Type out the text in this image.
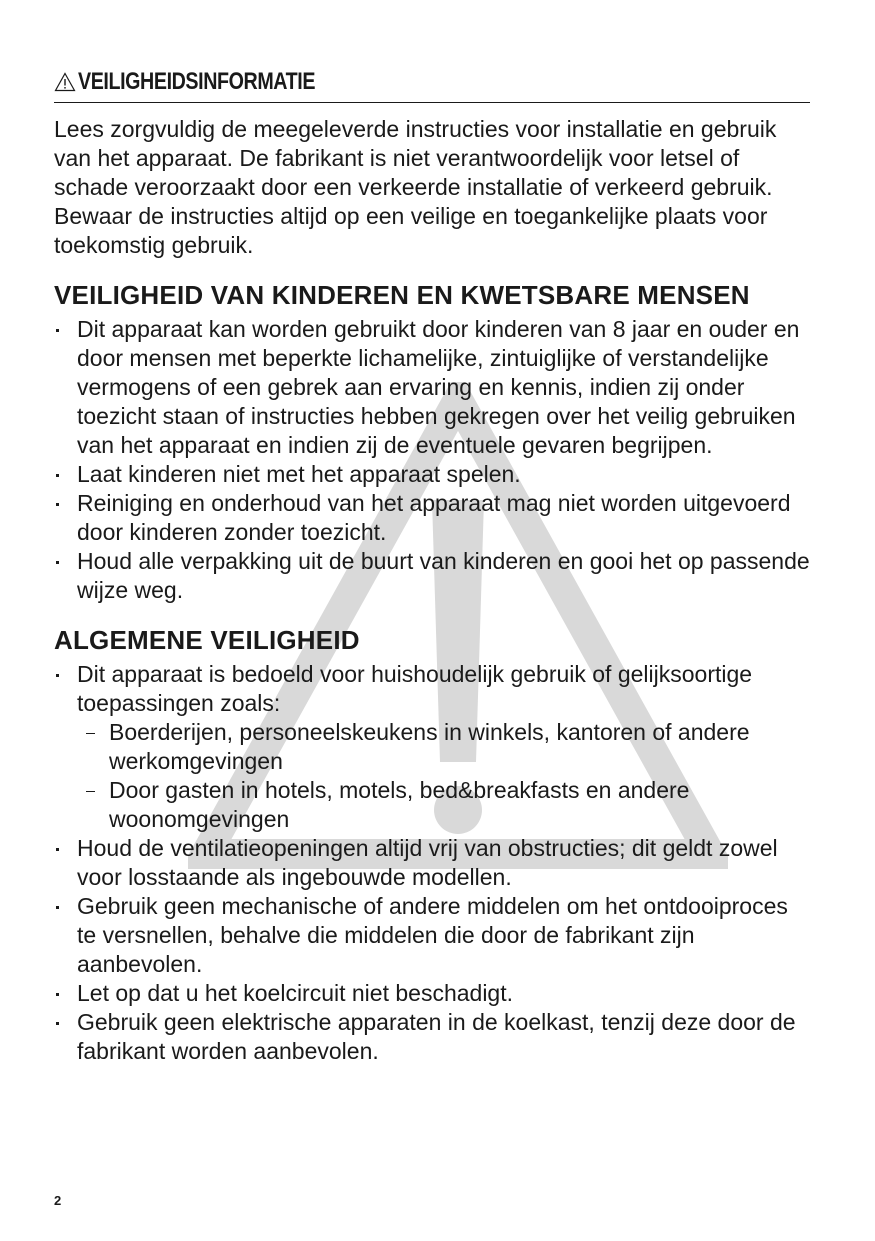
VEILIGHEIDSINFORMATIE

Lees zorgvuldig de meegeleverde instructies voor installatie en gebruik van het apparaat. De fabrikant is niet verantwoordelijk voor letsel of schade veroorzaakt door een verkeerde installatie of verkeerd gebruik. Bewaar de instructies altijd op een veilige en toegankelijke plaats voor toekomstig gebruik.

VEILIGHEID VAN KINDEREN EN KWETSBARE MENSEN
Dit apparaat kan worden gebruikt door kinderen van 8 jaar en ouder en door mensen met beperkte lichamelijke, zintuiglijke of verstandelijke vermogens of een gebrek aan ervaring en kennis, indien zij onder toezicht staan of instructies hebben gekregen over het veilig gebruiken van het apparaat en indien zij de eventuele gevaren begrijpen.
Laat kinderen niet met het apparaat spelen.
Reiniging en onderhoud van het apparaat mag niet worden uitgevoerd door kinderen zonder toezicht.
Houd alle verpakking uit de buurt van kinderen en gooi het op passende wijze weg.
ALGEMENE VEILIGHEID
Dit apparaat is bedoeld voor huishoudelijk gebruik of gelijksoortige toepassingen zoals:
Boerderijen, personeelskeukens in winkels, kantoren of andere werkomgevingen
Door gasten in hotels, motels, bed&breakfasts en andere woonomgevingen
Houd de ventilatieopeningen altijd vrij van obstructies; dit geldt zowel voor losstaande als ingebouwde modellen.
Gebruik geen mechanische of andere middelen om het ontdooiproces te versnellen, behalve die middelen die door de fabrikant zijn aanbevolen.
Let op dat u het koelcircuit niet beschadigt.
Gebruik geen elektrische apparaten in de koelkast, tenzij deze door de fabrikant worden aanbevolen.
2
